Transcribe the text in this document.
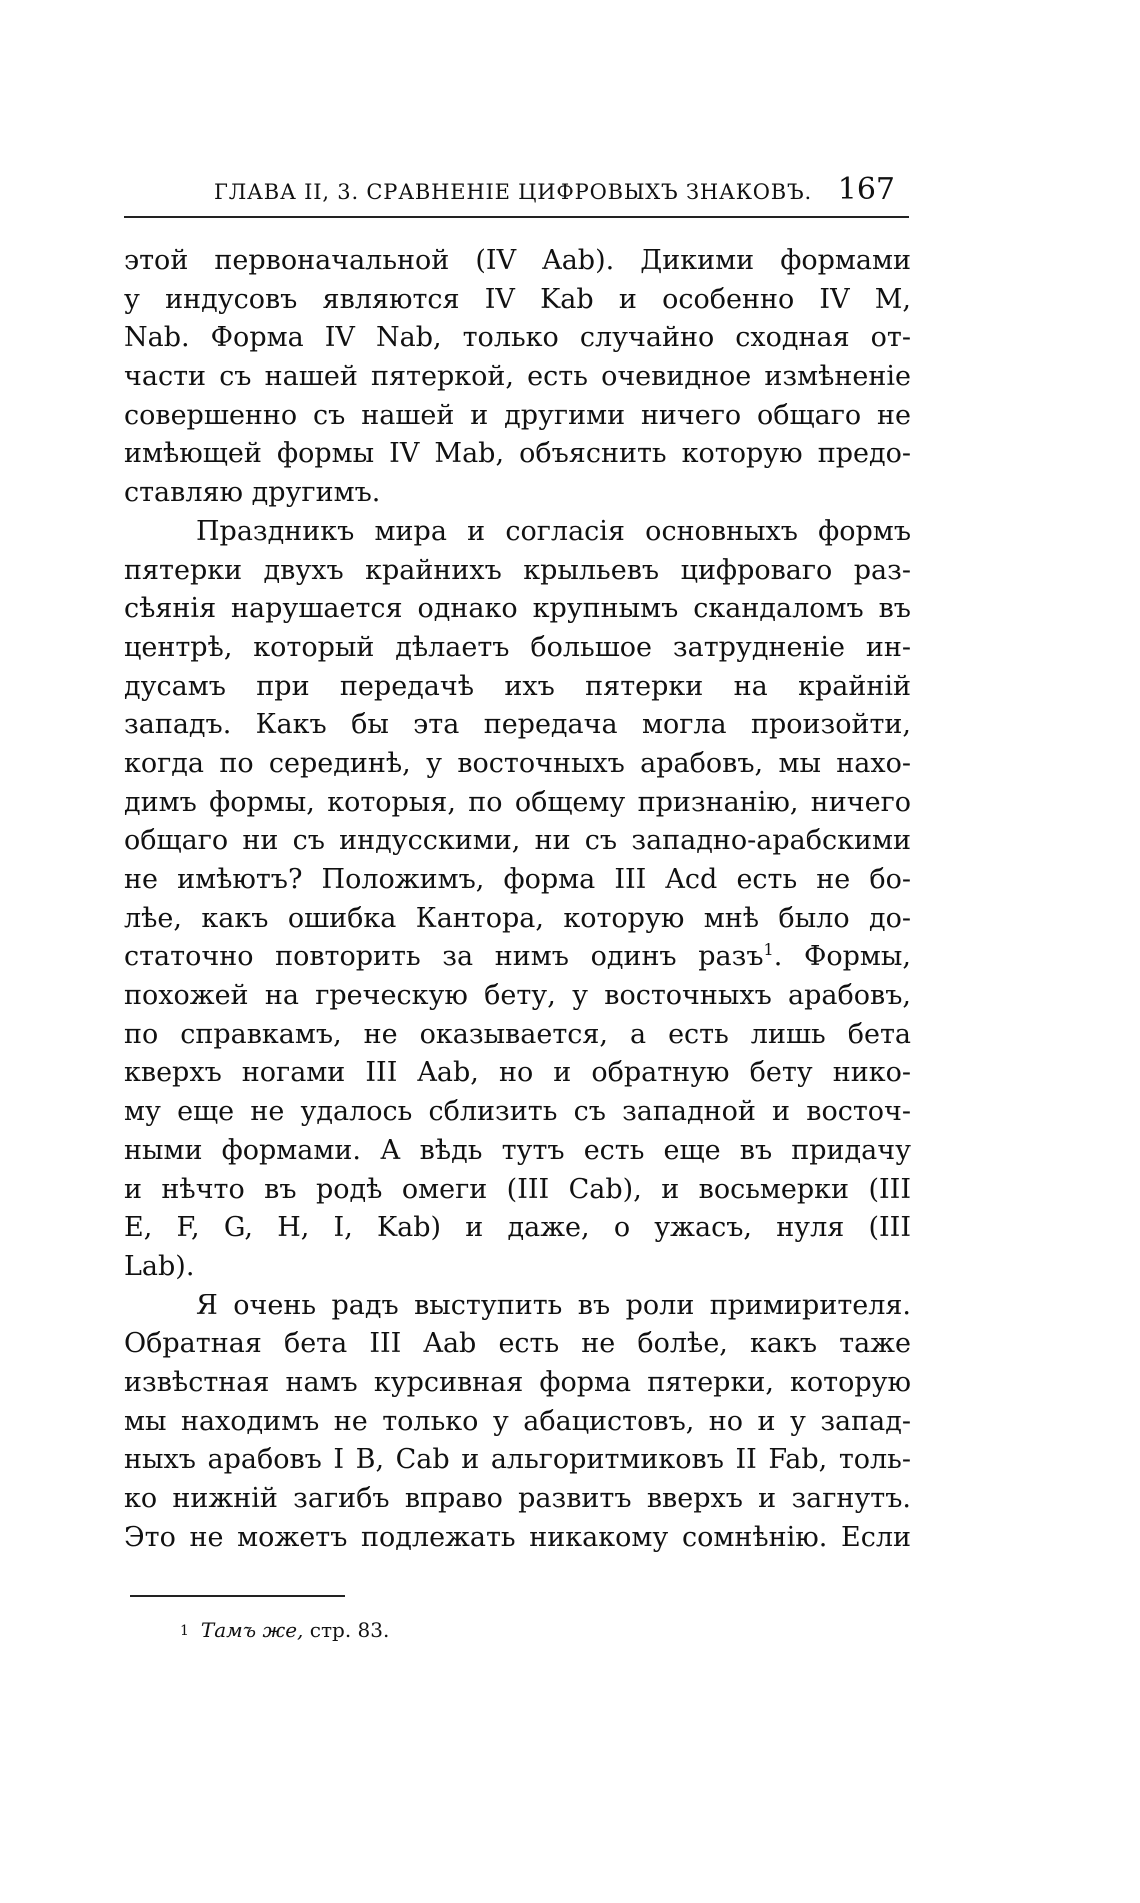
ГЛАВА II, 3. СРАВНЕНІЕ ЦИФРОВЫХЪ ЗНАКОВЪ. 167
этой первоначальной (IV Aab). Дикими формами
у индусовъ являются IV Kab и особенно IV M,
Nab. Форма IV Nab, только случайно сходная от-
части съ нашей пятеркой, есть очевидное измѣненіе
совершенно съ нашей и другими ничего общаго не
имѣющей формы IV Mab, объяснить которую предо-
ставляю другимъ.
Праздникъ мира и согласія основныхъ формъ
пятерки двухъ крайнихъ крыльевъ цифроваго раз-
сѣянія нарушается однако крупнымъ скандаломъ въ
центрѣ, который дѣлаетъ большое затрудненіе ин-
дусамъ при передачѣ ихъ пятерки на крайній
западъ. Какъ бы эта передача могла произойти,
когда по серединѣ, у восточныхъ арабовъ, мы нахо-
димъ формы, которыя, по общему признанію, ничего
общаго ни съ индусскими, ни съ западно-арабскими
не имѣютъ? Положимъ, форма III Acd есть не бо-
лѣе, какъ ошибка Кантора, которую мнѣ было до-
статочно повторить за нимъ одинъ разъ$^1$. Формы,
похожей на греческую бету, у восточныхъ арабовъ,
по справкамъ, не оказывается, а есть лишь бета
кверхъ ногами III Aab, но и обратную бету нико-
му еще не удалось сблизить съ западной и восточ-
ными формами. А вѣдь тутъ есть еще въ придачу
и нѣчто въ родѣ омеги (III Cab), и восьмерки (III
E, F, G, H, I, Kab) и даже, о ужасъ, нуля (III
Lab).
Я очень радъ выступить въ роли примирителя.
Обратная бета III Aab есть не болѣе, какъ таже
извѣстная намъ курсивная форма пятерки, которую
мы находимъ не только у абацистовъ, но и у запад-
ныхъ арабовъ I B, Cab и альгоритмиковъ II Fab, толь-
ко нижній загибъ вправо развитъ вверхъ и загнутъ.
Это не можетъ подлежать никакому сомнѣнію. Если
1 Тамъ же, стр. 83.
